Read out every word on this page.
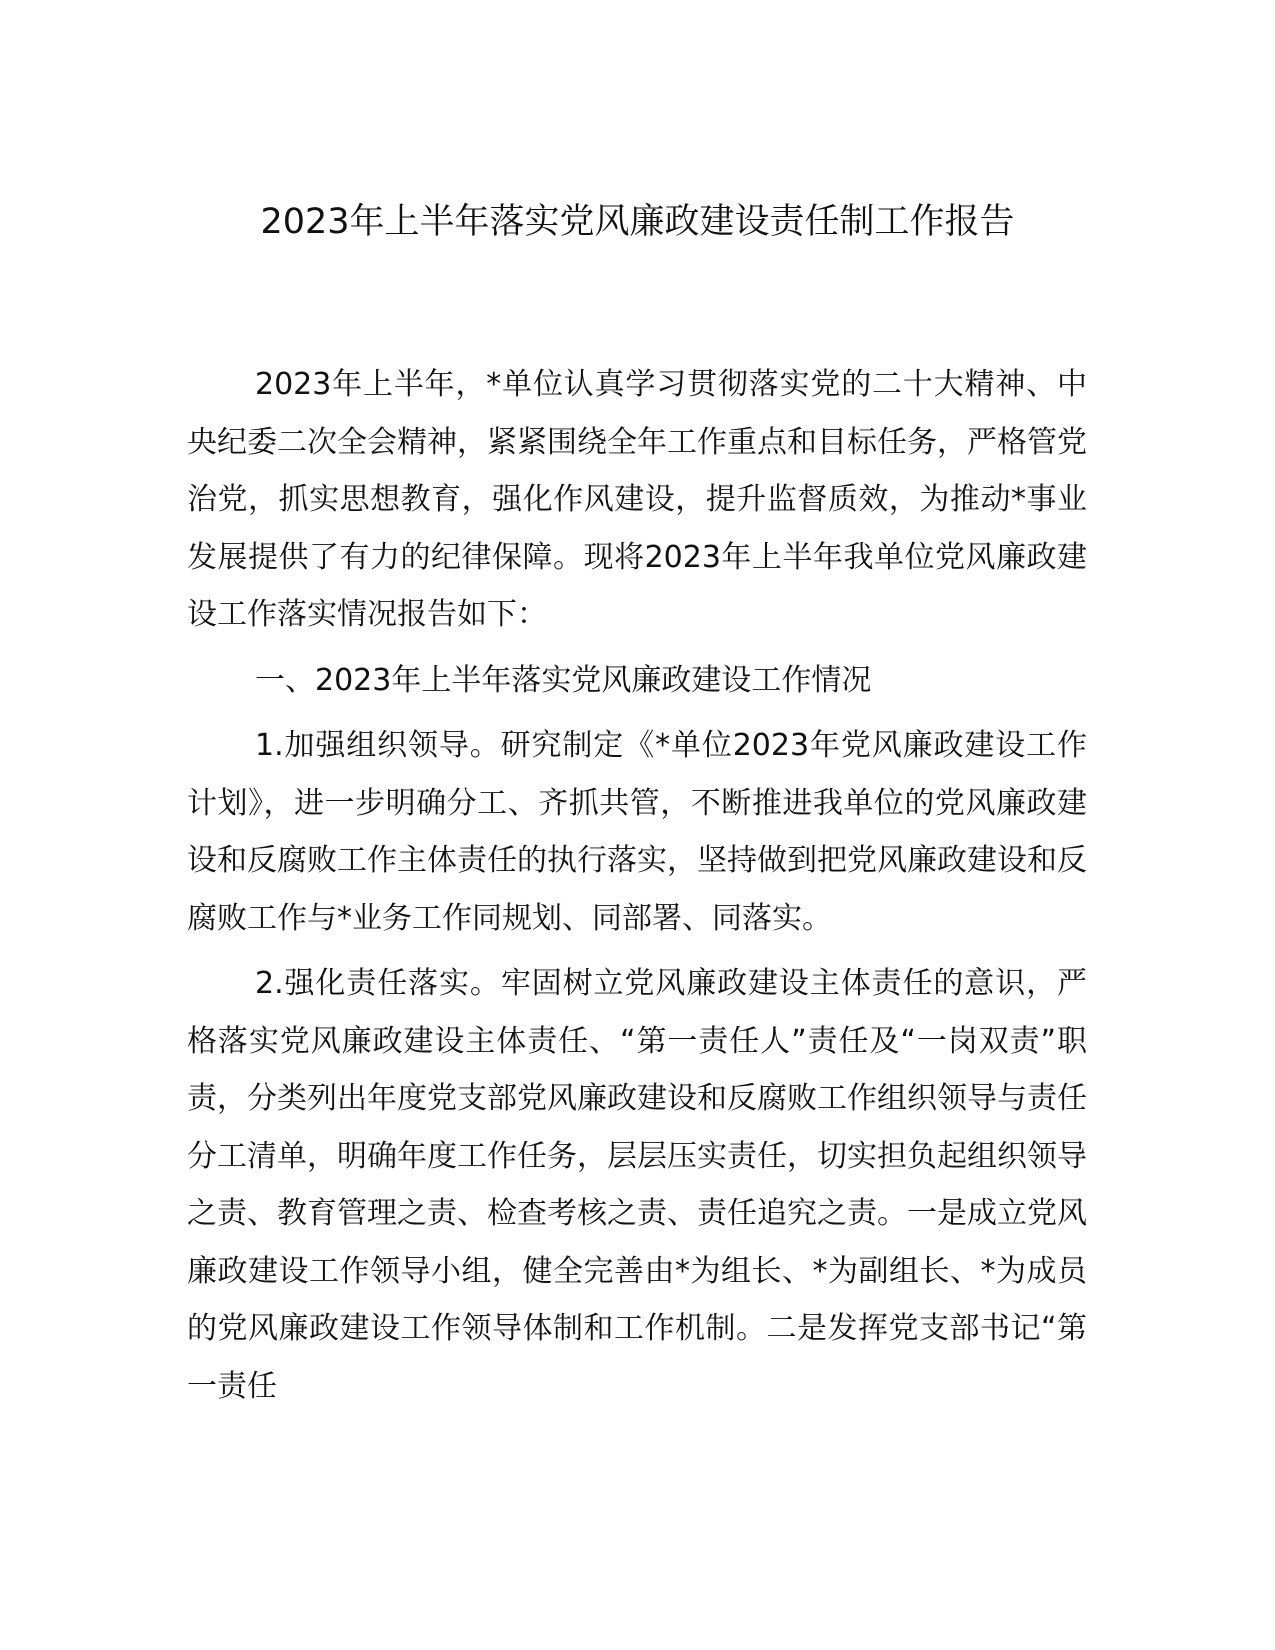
2023年上半年落实党风廉政建设责任制工作报告

2023年上半年，*单位认真学习贯彻落实党的二十大精神、中央纪委二次全会精神，紧紧围绕全年工作重点和目标任务，严格管党治党，抓实思想教育，强化作风建设，提升监督质效，为推动*事业发展提供了有力的纪律保障。现将2023年上半年我单位党风廉政建设工作落实情况报告如下：

一、2023年上半年落实党风廉政建设工作情况

1.加强组织领导。研究制定《*单位2023年党风廉政建设工作计划》，进一步明确分工、齐抓共管，不断推进我单位的党风廉政建设和反腐败工作主体责任的执行落实，坚持做到把党风廉政建设和反腐败工作与*业务工作同规划、同部署、同落实。

2.强化责任落实。牢固树立党风廉政建设主体责任的意识，严格落实党风廉政建设主体责任、“第一责任人”责任及“一岗双责”职责，分类列出年度党支部党风廉政建设和反腐败工作组织领导与责任分工清单，明确年度工作任务，层层压实责任，切实担负起组织领导之责、教育管理之责、检查考核之责、责任追究之责。一是成立党风廉政建设工作领导小组，健全完善由*为组长、*为副组长、*为成员的党风廉政建设工作领导体制和工作机制。二是发挥党支部书记“第一责任
